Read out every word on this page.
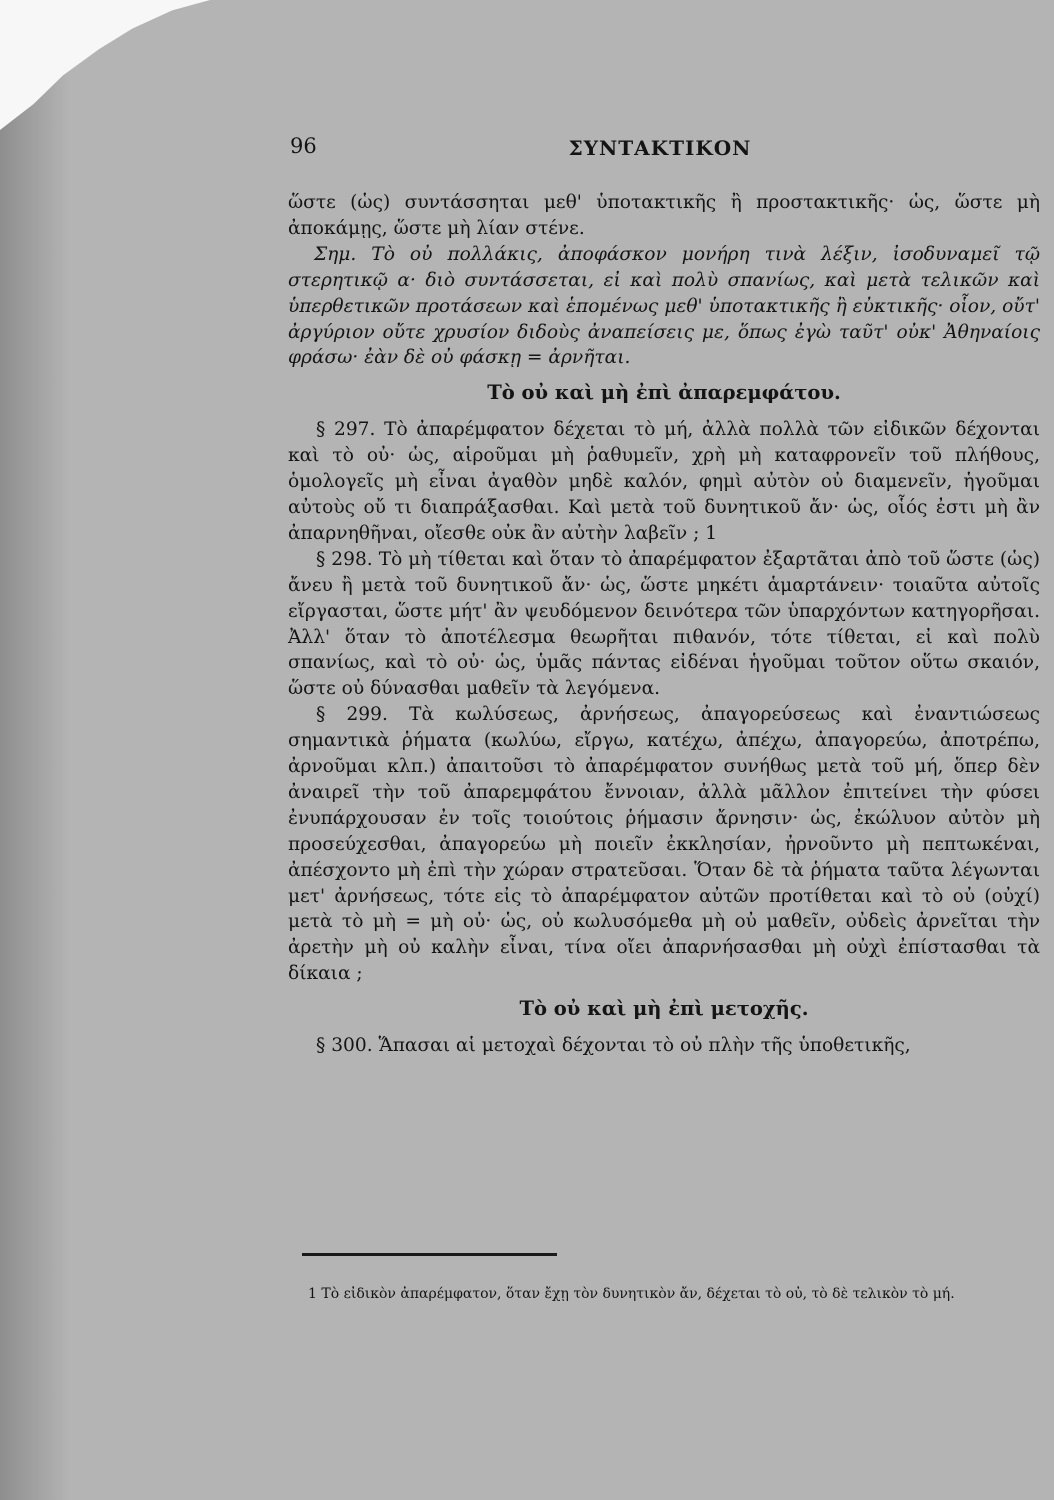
96	ΣΥΝΤΑΚΤΙΚΟΝ

ὥστε (ὡς) συντάσσηται μεθ' ὑποτακτικῆς ἢ προστακτικῆς· ὡς, ὥστε μὴ ἀποκάμῃς, ὥστε μὴ λίαν στένε.

Σημ. Τὸ οὐ πολλάκις, ἀποφάσκον μονήρη τινὰ λέξιν, ἰσοδυναμεῖ τῷ στερητικῷ α· διὸ συντάσσεται, εἰ καὶ πολὺ σπανίως, καὶ μετὰ τελικῶν καὶ ὑπερθετικῶν προτάσεων καὶ ἑπομένως μεθ' ὑποτακτικῆς ἢ εὐκτικῆς· οἷον, οὔτ' ἀργύριον οὔτε χρυσίον διδοὺς ἀναπείσεις με, ὅπως ἐγὼ ταῦτ' οὐκ' Ἀθηναίοις φράσω· ἐὰν δὲ οὐ φάσκῃ = ἀρνῆται.

Τὸ οὐ καὶ μὴ ἐπὶ ἀπαρεμφάτου.

§ 297. Τὸ ἀπαρέμφατον δέχεται τὸ μή, ἀλλὰ πολλὰ τῶν εἰδικῶν δέχονται καὶ τὸ οὐ· ὡς, αἱροῦμαι μὴ ῥαθυμεῖν, χρὴ μὴ καταφρονεῖν τοῦ πλήθους, ὁμολογεῖς μὴ εἶναι ἀγαθὸν μηδὲ καλόν, φημὶ αὐτὸν οὐ διαμενεῖν, ἡγοῦμαι αὐτοὺς οὔ τι διαπράξασθαι. Καὶ μετὰ τοῦ δυνητικοῦ ἄν· ὡς, οἷός ἐστι μὴ ἂν ἀπαρνηθῆναι, οἴεσθε οὐκ ἂν αὐτὴν λαβεῖν ; 1

§ 298. Τὸ μὴ τίθεται καὶ ὅταν τὸ ἀπαρέμφατον ἐξαρτᾶται ἀπὸ τοῦ ὥστε (ὡς) ἄνευ ἢ μετὰ τοῦ δυνητικοῦ ἄν· ὡς, ὥστε μηκέτι ἁμαρτάνειν· τοιαῦτα αὐτοῖς εἴργασται, ὥστε μήτ' ἂν ψευδόμενον δεινότερα τῶν ὑπαρχόντων κατηγορῆσαι. Ἀλλ' ὅταν τὸ ἀποτέλεσμα θεωρῆται πιθανόν, τότε τίθεται, εἰ καὶ πολὺ σπανίως, καὶ τὸ οὐ· ὡς, ὑμᾶς πάντας εἰδέναι ἡγοῦμαι τοῦτον οὕτω σκαιόν, ὥστε οὐ δύνασθαι μαθεῖν τὰ λεγόμενα.

§ 299. Τὰ κωλύσεως, ἀρνήσεως, ἀπαγορεύσεως καὶ ἐναντιώσεως σημαντικὰ ῥήματα (κωλύω, εἴργω, κατέχω, ἀπέχω, ἀπαγορεύω, ἀποτρέπω, ἀρνοῦμαι κλπ.) ἀπαιτοῦσι τὸ ἀπαρέμφατον συνήθως μετὰ τοῦ μή, ὅπερ δὲν ἀναιρεῖ τὴν τοῦ ἀπαρεμφάτου ἔννοιαν, ἀλλὰ μᾶλλον ἐπιτείνει τὴν φύσει ἐνυπάρχουσαν ἐν τοῖς τοιούτοις ῥήμασιν ἄρνησιν· ὡς, ἐκώλυον αὐτὸν μὴ προσεύχεσθαι, ἀπαγορεύω μὴ ποιεῖν ἐκκλησίαν, ἠρνοῦντο μὴ πεπτωκέναι, ἀπέσχοντο μὴ ἐπὶ τὴν χώραν στρατεῦσαι. Ὅταν δὲ τὰ ῥήματα ταῦτα λέγωνται μετ' ἀρνήσεως, τότε εἰς τὸ ἀπαρέμφατον αὐτῶν προτίθεται καὶ τὸ οὐ (οὐχί) μετὰ τὸ μὴ = μὴ οὐ· ὡς, οὐ κωλυσόμεθα μὴ οὐ μαθεῖν, οὐδεὶς ἀρνεῖται τὴν ἀρετὴν μὴ οὐ καλὴν εἶναι, τίνα οἴει ἀπαρνήσασθαι μὴ οὐχὶ ἐπίστασθαι τὰ δίκαια ;

Τὸ οὐ καὶ μὴ ἐπὶ μετοχῆς.

§ 300. Ἅπασαι αἱ μετοχαὶ δέχονται τὸ οὐ πλὴν τῆς ὑποθετικῆς,

1 Τὸ εἰδικὸν ἀπαρέμφατον, ὅταν ἔχῃ τὸν δυνητικὸν ἄν, δέχεται τὸ οὐ, τὸ δὲ τελικὸν τὸ μή.
